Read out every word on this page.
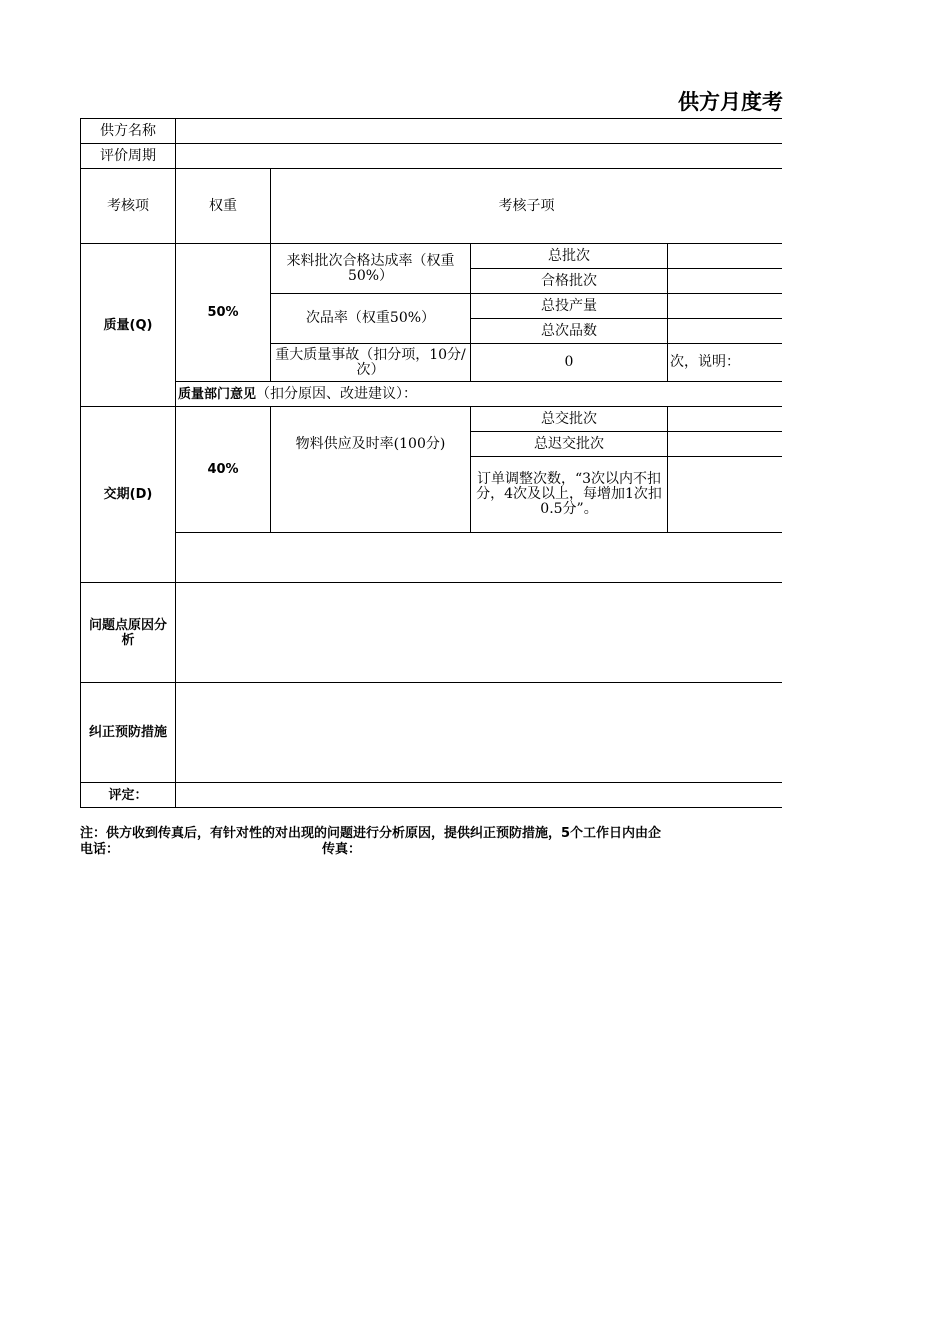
供方月度考
供方名称				
评价周期				
考核项	权重	考核子项		
质量(Q)	50%	来料批次合格达成率（权重50%）	总批次	
			合格批次	
		次品率（权重50%）	总投产量	
			总次品数	
		重大质量事故（扣分项，10分/次）	0	次，说明：
	质量部门意见（扣分原因、改进建议）：			
交期(D)	40%	物料供应及时率(100分)	总交批次	
			总迟交批次	
			订单调整次数，“3次以内不扣分，4次及以上，每增加1次扣0.5分”。	

问题点原因分析				
纠正预防措施				
评定：				
注：供方收到传真后，有针对性的对出现的问题进行分析原因，提供纠正预防措施，5个工作日内由企
电话：	传真：
